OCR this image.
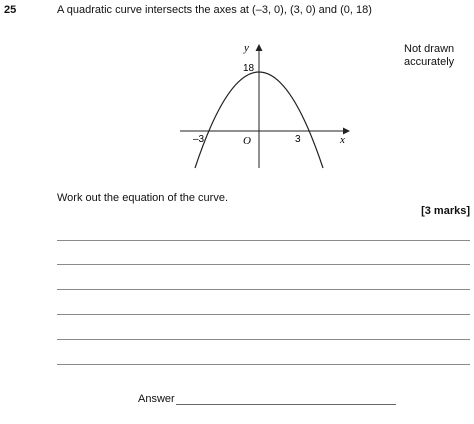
25	A quadratic curve intersects the axes at (–3, 0), (3, 0) and (0, 18)
Not drawn
accurately
y
x
O
18
–3	3
Work out the equation of the curve.
[3 marks]
Answer
